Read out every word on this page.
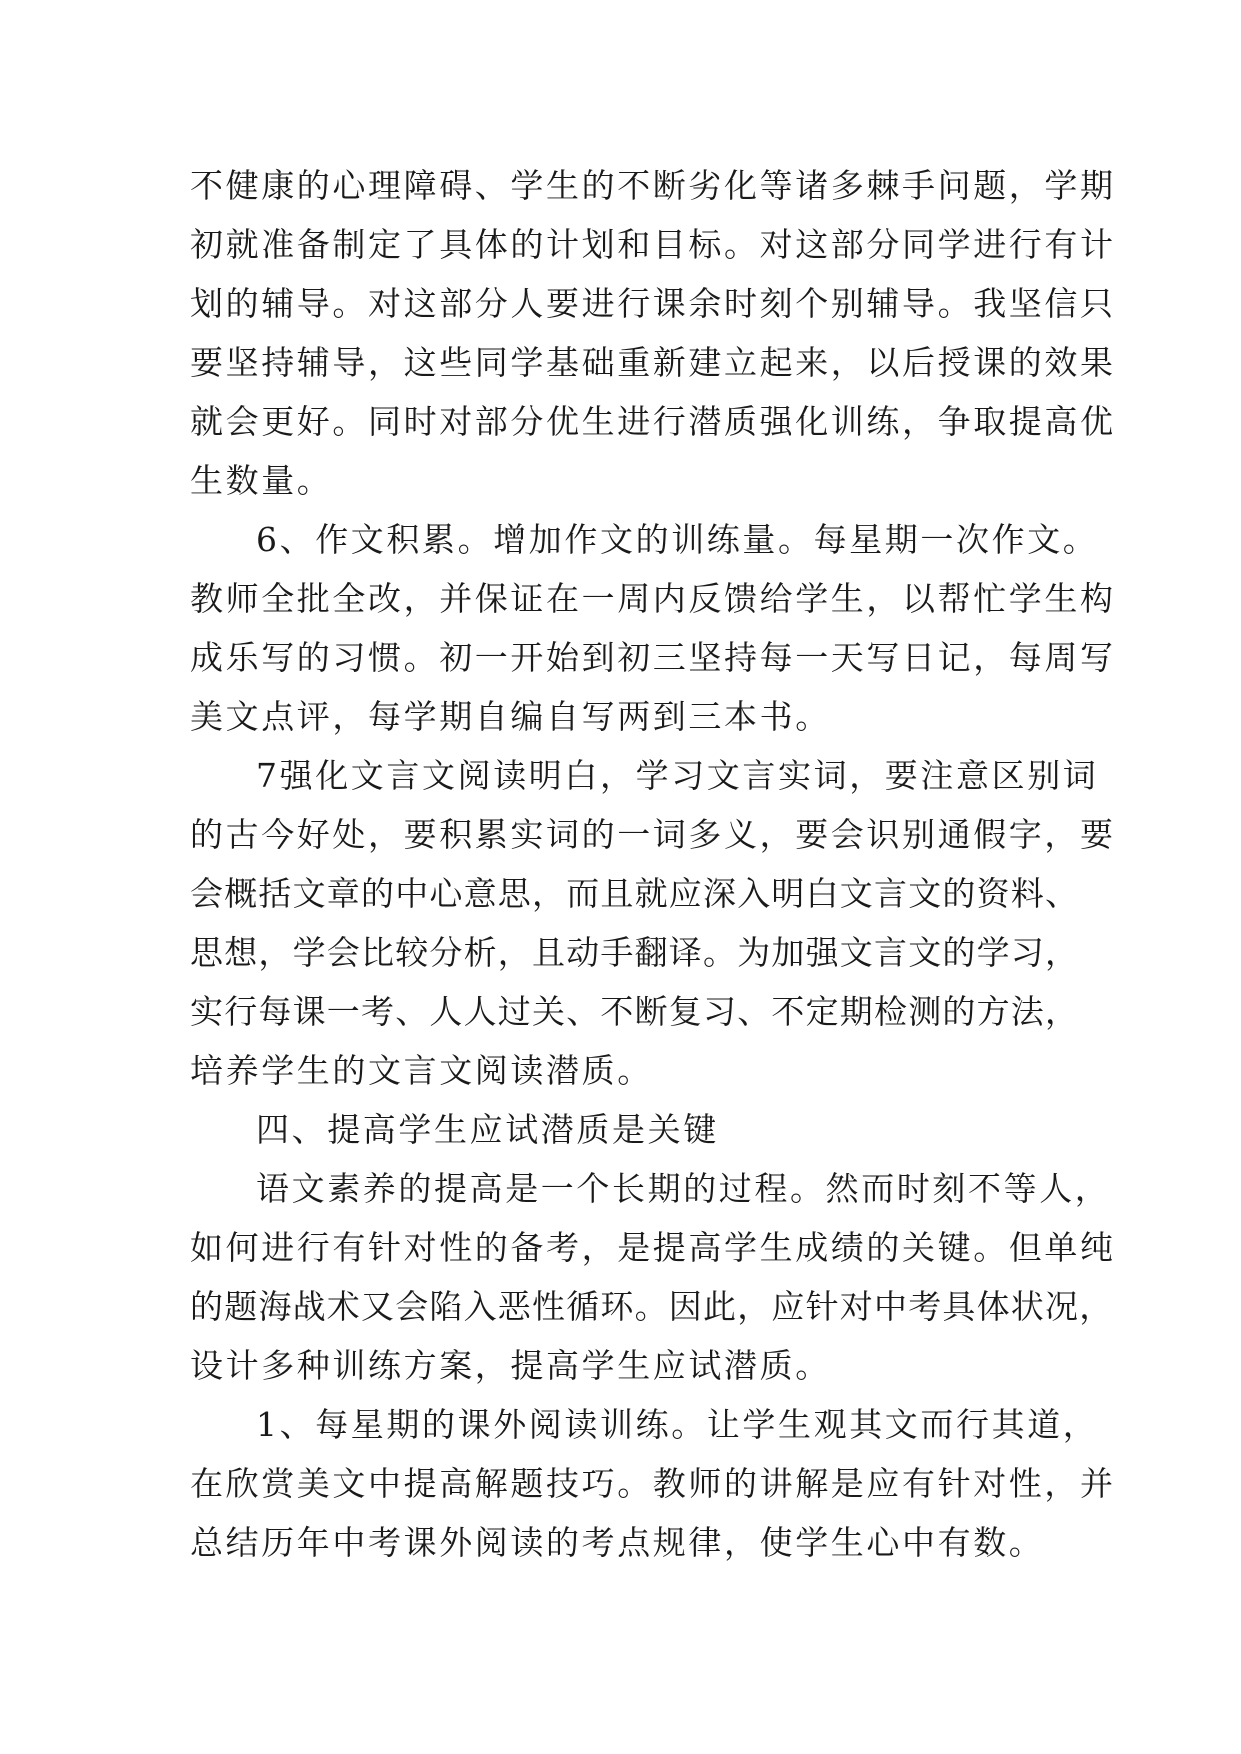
不健康的心理障碍、学生的不断劣化等诸多棘手问题，学期
初就准备制定了具体的计划和目标。对这部分同学进行有计
划的辅导。对这部分人要进行课余时刻个别辅导。我坚信只
要坚持辅导，这些同学基础重新建立起来，以后授课的效果
就会更好。同时对部分优生进行潜质强化训练，争取提高优
生数量。
6、作文积累。增加作文的训练量。每星期一次作文。
教师全批全改，并保证在一周内反馈给学生，以帮忙学生构
成乐写的习惯。初一开始到初三坚持每一天写日记，每周写
美文点评，每学期自编自写两到三本书。
7强化文言文阅读明白，学习文言实词，要注意区别词
的古今好处，要积累实词的一词多义，要会识别通假字，要
会概括文章的中心意思，而且就应深入明白文言文的资料、
思想，学会比较分析，且动手翻译。为加强文言文的学习，
实行每课一考、人人过关、不断复习、不定期检测的方法，
培养学生的文言文阅读潜质。
四、提高学生应试潜质是关键
语文素养的提高是一个长期的过程。然而时刻不等人，
如何进行有针对性的备考，是提高学生成绩的关键。但单纯
的题海战术又会陷入恶性循环。因此，应针对中考具体状况，
设计多种训练方案，提高学生应试潜质。
1、每星期的课外阅读训练。让学生观其文而行其道，
在欣赏美文中提高解题技巧。教师的讲解是应有针对性，并
总结历年中考课外阅读的考点规律，使学生心中有数。
